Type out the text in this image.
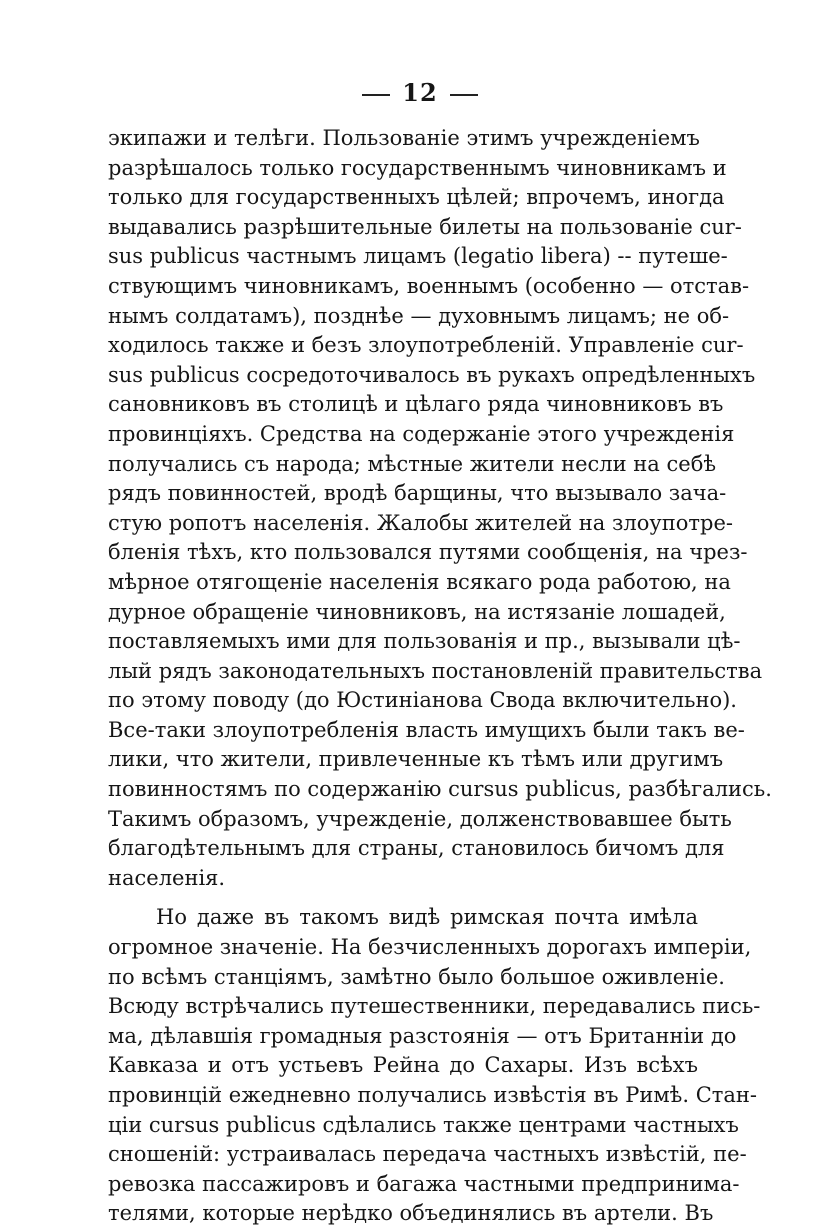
12
экипажи и телѣги. Пользованіе этимъ учрежденіемъ
разрѣшалось только государственнымъ чиновникамъ и
только для государственныхъ цѣлей; впрочемъ, иногда
выдавались разрѣшительные билеты на пользованіе cur-
sus publicus частнымъ лицамъ (legatio libera) -- путеше-
ствующимъ чиновникамъ, военнымъ (особенно — отстав-
нымъ солдатамъ), позднѣе — духовнымъ лицамъ; не об-
ходилось также и безъ злоупотребленій. Управленіе cur-
sus publicus сосредоточивалось въ рукахъ опредѣленныхъ
сановниковъ въ столицѣ и цѣлаго ряда чиновниковъ въ
провинціяхъ. Средства на содержаніе этого учрежденія
получались съ народа; мѣстные жители несли на себѣ
рядъ повинностей, вродѣ барщины, что вызывало зача-
стую ропотъ населенія. Жалобы жителей на злоупотре-
бленія тѣхъ, кто пользовался путями сообщенія, на чрез-
мѣрное отягощеніе населенія всякаго рода работою, на
дурное обращеніе чиновниковъ, на истязаніе лошадей,
поставляемыхъ ими для пользованія и пр., вызывали цѣ-
лый рядъ законодательныхъ постановленій правительства
по этому поводу (до Юстиніанова Свода включительно).
Все-таки злоупотребленія власть имущихъ были такъ ве-
лики, что жители, привлеченные къ тѣмъ или другимъ
повинностямъ по содержанію cursus publicus, разбѣгались.
Такимъ образомъ, учрежденіе, долженствовавшее быть
благодѣтельнымъ для страны, становилось бичомъ для
населенія.
Но даже въ такомъ видѣ римская почта имѣла
огромное значеніе. На безчисленныхъ дорогахъ имперіи,
по всѣмъ станціямъ, замѣтно было большое оживленіе.
Всюду встрѣчались путешественники, передавались пись-
ма, дѣлавшія громадныя разстоянія — отъ Британніи до
Кавказа и отъ устьевъ Рейна до Сахары. Изъ всѣхъ
провинцій ежедневно получались извѣстія въ Римѣ. Стан-
ціи cursus publicus сдѣлались также центрами частныхъ
сношеній: устраивалась передача частныхъ извѣстій, пе-
ревозка пассажировъ и багажа частными предпринима-
телями, которые нерѣдко объединялись въ артели. Въ
